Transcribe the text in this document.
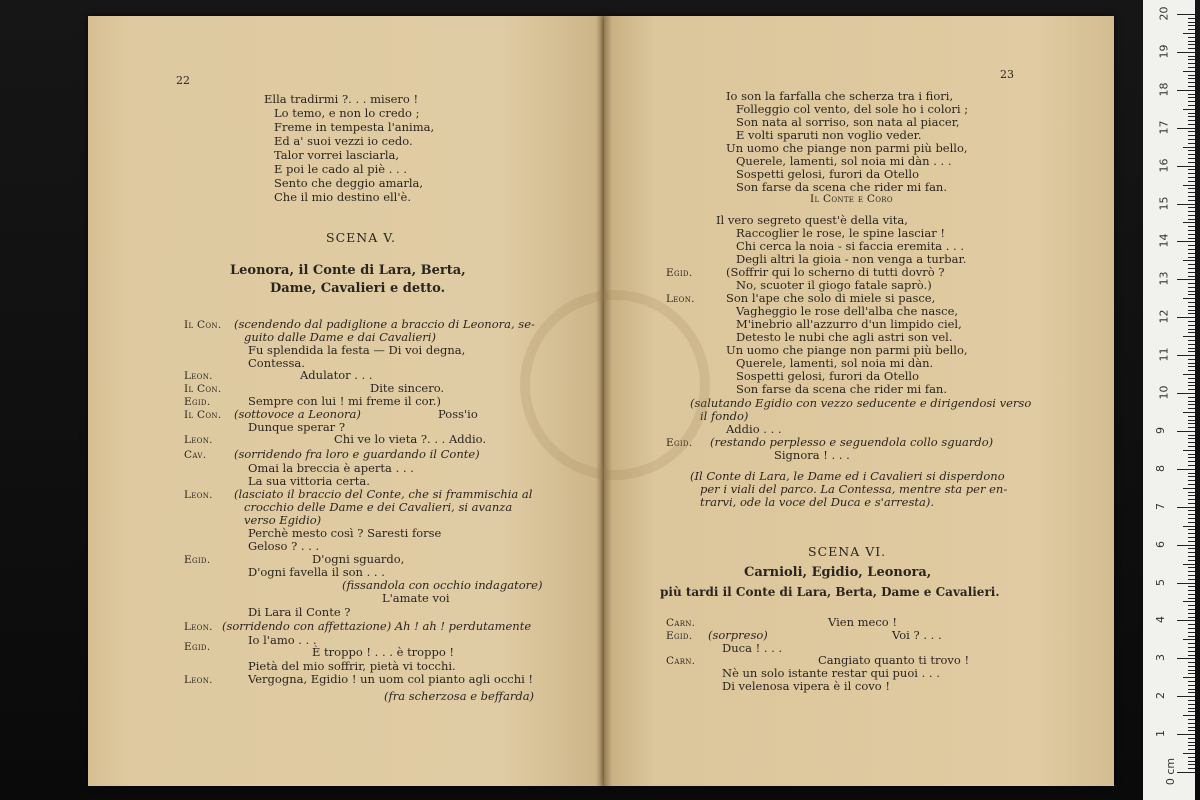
22
Ella tradirmi ?. . . misero !
Lo temo, e non lo credo ;
Freme in tempesta l'anima,
Ed a' suoi vezzi io cedo.
Talor vorrei lasciarla,
E poi le cado al piè . . .
Sento che deggio amarla,
Che il mio destino ell'è.
SCENA V.
Leonora, il Conte di Lara, Berta,
Dame, Cavalieri e detto.
Il Con. (scendendo dal padiglione a braccio di Leonora, se-
guito dalle Dame e dai Cavalieri)
Fu splendida la festa — Di voi degna,
Contessa.
Leon.	Adulator . . .
Il Con.	Dite sincero.
Egid.	Sempre con lui ! mi freme il cor.)
Il Con. (sottovoce a Leonora)	Poss'io
Dunque sperar ?
Leon.	Chi ve lo vieta ?. . . Addio.
Cav. (sorridendo fra loro e guardando il Conte)
Omai la breccia è aperta . . .
La sua vittoria certa.
Leon. (lasciato il braccio del Conte, che si frammischia al
crocchio delle Dame e dei Cavalieri, si avanza
verso Egidio)
Perchè mesto così ? Saresti forse
Geloso ? . . .
Egid.	D'ogni sguardo,
D'ogni favella il son . . .
(fissandola con occhio indagatore)
L'amate voi
Di Lara il Conte ?
Leon. (sorridendo con affettazione) Ah ! ah ! perdutamente
Io l'amo . . .
Egid.	È troppo ! . . . è troppo !
Pietà del mio soffrir, pietà vi tocchi.
Leon.	Vergogna, Egidio ! un uom col pianto agli occhi !
(fra scherzosa e beffarda)
23
Io son la farfalla che scherza tra i fiori,
Folleggio col vento, del sole ho i colori ;
Son nata al sorriso, son nata al piacer,
E volti sparuti non voglio veder.
Un uomo che piange non parmi più bello,
Querele, lamenti, sol noia mi dàn . . .
Sospetti gelosi, furori da Otello
Son farse da scena che rider mi fan.
Il Conte e Coro
Il vero segreto quest'è della vita,
Raccoglier le rose, le spine lasciar !
Chi cerca la noia - si faccia eremita . . .
Degli altri la gioia - non venga a turbar.
Egid.	(Soffrir qui lo scherno di tutti dovrò ?
No, scuoter il giogo fatale saprò.)
Leon.	Son l'ape che solo di miele si pasce,
Vagheggio le rose dell'alba che nasce,
M'inebrio all'azzurro d'un limpido ciel,
Detesto le nubi che agli astri son vel.
Un uomo che piange non parmi più bello,
Querele, lamenti, sol noia mi dàn.
Sospetti gelosi, furori da Otello
Son farse da scena che rider mi fan.
(salutando Egidio con vezzo seducente e dirigendosi verso
il fondo)
Addio . . .
Egid. (restando perplesso e seguendola collo sguardo)
Signora ! . . .
(Il Conte di Lara, le Dame ed i Cavalieri si disperdono
per i viali del parco. La Contessa, mentre sta per en-
trarvi, ode la voce del Duca e s'arresta).
SCENA VI.
Carnioli, Egidio, Leonora,
più tardi il Conte di Lara, Berta, Dame e Cavalieri.
Carn.	Vien meco !
Egid. (sorpreso)	Voi ? . . .
Duca ! . . .
Carn.	Cangiato quanto ti trovo !
Nè un solo istante restar qui puoi . . .
Di velenosa vipera è il covo !
20
19
18
17
16
15
14
13
12
11
10
9
8
7
6
5
4
3
2
1
0 cm
